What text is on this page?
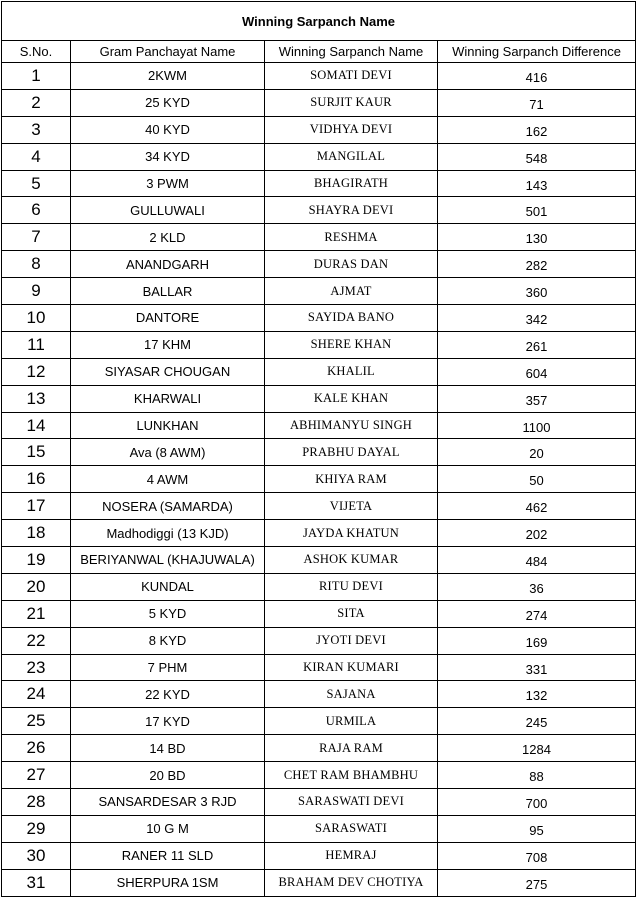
Winning Sarpanch Name			
S.No.	Gram Panchayat Name	Winning Sarpanch Name	Winning Sarpanch Difference
1	2KWM	SOMATI DEVI	416
2	25 KYD	SURJIT KAUR	71
3	40 KYD	VIDHYA DEVI	162
4	34 KYD	MANGILAL	548
5	3 PWM	BHAGIRATH	143
6	GULLUWALI	SHAYRA DEVI	501
7	2 KLD	RESHMA	130
8	ANANDGARH	DURAS DAN	282
9	BALLAR	AJMAT	360
10	DANTORE	SAYIDA BANO	342
11	17 KHM	SHERE KHAN	261
12	SIYASAR CHOUGAN	KHALIL	604
13	KHARWALI	KALE KHAN	357
14	LUNKHAN	ABHIMANYU SINGH	1100
15	Ava (8 AWM)	PRABHU DAYAL	20
16	4 AWM	KHIYA RAM	50
17	NOSERA (SAMARDA)	VIJETA	462
18	Madhodiggi (13 KJD)	JAYDA KHATUN	202
19	BERIYANWAL (KHAJUWALA)	ASHOK KUMAR	484
20	KUNDAL	RITU DEVI	36
21	5 KYD	SITA	274
22	8 KYD	JYOTI DEVI	169
23	7 PHM	KIRAN KUMARI	331
24	22 KYD	SAJANA	132
25	17 KYD	URMILA	245
26	14 BD	RAJA RAM	1284
27	20 BD	CHET RAM BHAMBHU	88
28	SANSARDESAR 3 RJD	SARASWATI DEVI	700
29	10 G M	SARASWATI	95
30	RANER 11 SLD	HEMRAJ	708
31	SHERPURA 1SM	BRAHAM DEV CHOTIYA	275
